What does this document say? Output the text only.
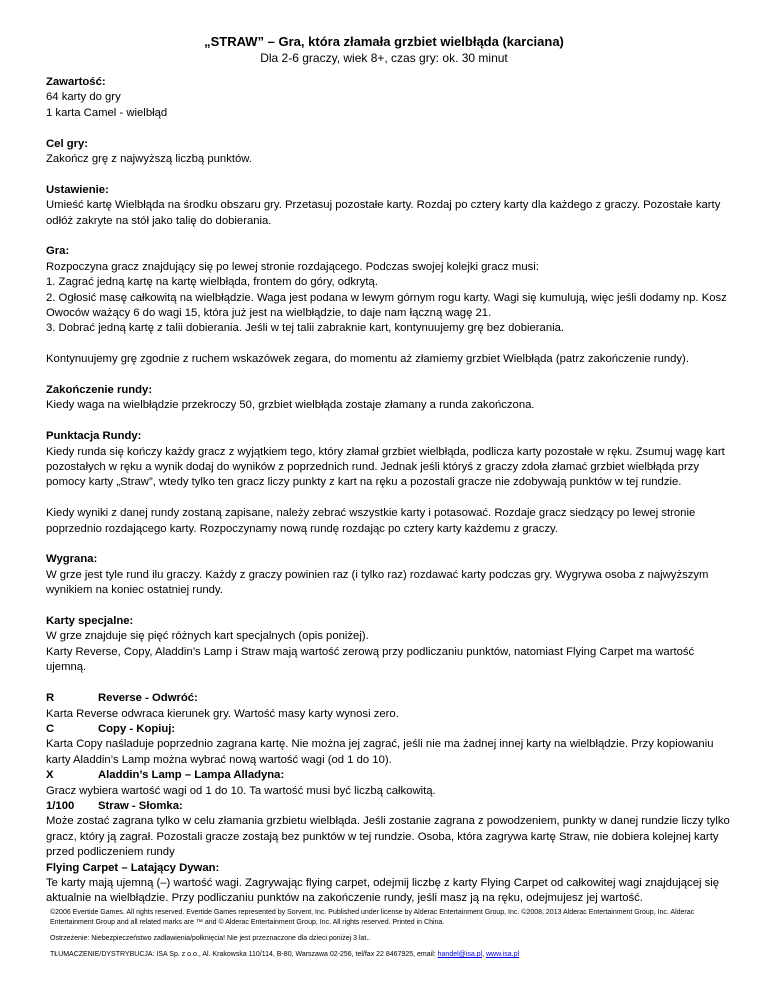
„STRAW” – Gra, która złamała grzbiet wielbłąda (karciana)
Dla 2-6 graczy, wiek 8+, czas gry: ok. 30 minut
Zawartość:
64 karty do gry
1 karta Camel - wielbłąd
Cel gry:
Zakończ grę z najwyższą liczbą punktów.
Ustawienie:
Umieść kartę Wielbłąda na środku obszaru gry. Przetasuj pozostałe karty. Rozdaj po cztery karty dla każdego z graczy. Pozostałe karty odłóż zakryte na stół jako talię do dobierania.
Gra:
Rozpoczyna gracz znajdujący się po lewej stronie rozdającego. Podczas swojej kolejki gracz musi:
1. Zagrać jedną kartę na kartę wielbłąda, frontem do góry, odkrytą.
2. Ogłosić masę całkowitą na wielbłądzie. Waga jest podana w lewym górnym rogu karty. Wagi się kumulują, więc jeśli dodamy np. Kosz Owoców ważący 6 do wagi 15, która już jest na wielbłądzie, to daje nam łączną wagę 21.
3. Dobrać jedną kartę z talii dobierania. Jeśli w tej talii zabraknie kart, kontynuujemy grę bez dobierania.
Kontynuujemy grę zgodnie z ruchem wskazówek zegara, do momentu aż złamiemy grzbiet Wielbłąda (patrz zakończenie rundy).
Zakończenie rundy:
Kiedy waga na wielbłądzie przekroczy 50, grzbiet wielbłąda zostaje złamany a runda zakończona.
Punktacja Rundy:
Kiedy runda się kończy każdy gracz z wyjątkiem tego, który złamał grzbiet wielbłąda, podlicza karty pozostałe w ręku. Zsumuj wagę kart pozostałych w ręku a wynik dodaj do wyników z poprzednich rund. Jednak jeśli któryś z graczy zdoła złamać grzbiet wielbłąda przy pomocy karty „Straw”, wtedy tylko ten gracz liczy punkty z kart na ręku a pozostali gracze nie zdobywają punktów w tej rundzie.
Kiedy wyniki z danej rundy zostaną zapisane, należy zebrać wszystkie karty i potasować. Rozdaje gracz siedzący po lewej stronie poprzednio rozdającego karty. Rozpoczynamy nową rundę rozdając po cztery karty każdemu z graczy.
Wygrana:
W grze jest tyle rund ilu graczy. Każdy z graczy powinien raz (i tylko raz) rozdawać karty podczas gry. Wygrywa osoba z najwyższym wynikiem na koniec ostatniej rundy.
Karty specjalne:
W grze znajduje się pięć różnych kart specjalnych (opis poniżej).
Karty Reverse, Copy, Aladdin’s Lamp i Straw mają wartość zerową przy podliczaniu punktów, natomiast Flying Carpet ma wartość ujemną.
R	Reverse - Odwróć:
Karta Reverse odwraca kierunek gry. Wartość masy karty wynosi zero.
C	Copy - Kopiuj:
Karta Copy naśladuje poprzednio zagrana kartę. Nie można jej zagrać, jeśli nie ma żadnej innej karty na wielbłądzie. Przy kopiowaniu karty Aladdin’s Lamp można wybrać nową wartość wagi (od 1 do 10).
X	Aladdin’s Lamp – Lampa Alladyna:
Gracz wybiera wartość wagi od 1 do 10. Ta wartość musi być liczbą całkowitą.
1/100 Straw - Słomka:
Może zostać zagrana tylko w celu złamania grzbietu wielbłąda. Jeśli zostanie zagrana z powodzeniem, punkty w danej rundzie liczy tylko gracz, który ją zagrał. Pozostali gracze zostają bez punktów w tej rundzie. Osoba, która zagrywa kartę Straw, nie dobiera kolejnej karty przed podliczeniem rundy
Flying Carpet – Latający Dywan:
Te karty mają ujemną (–) wartość wagi. Zagrywając flying carpet, odejmij liczbę z karty Flying Carpet od całkowitej wagi znajdującej się aktualnie na wielbłądzie. Przy podliczaniu punktów na zakończenie rundy, jeśli masz ją na ręku, odejmujesz jej wartość.
©2006 Evertide Games. All rights reserved. Evertide Games represented by Sorvent, Inc. Published under license by Alderac Entertainment Group, Inc. ©2008, 2013 Alderac Entertainment Group, Inc. Alderac Entertainment Group and all related marks are ™ and © Alderac Entertainment Group, Inc. All rights reserved. Printed in China.
Ostrzeżenie: Niebezpieczeństwo zadławienia/połknięcia! Nie jest przeznaczone dla dzieci poniżej 3 lat..
TŁUMACZENIE/DYSTRYBUCJA: ISA Sp. z o.o., Al. Krakowska 110/114, B-80, Warszawa 02-256, tel/fax 22 8467925, email: handel@isa.pl, www.isa.pl
